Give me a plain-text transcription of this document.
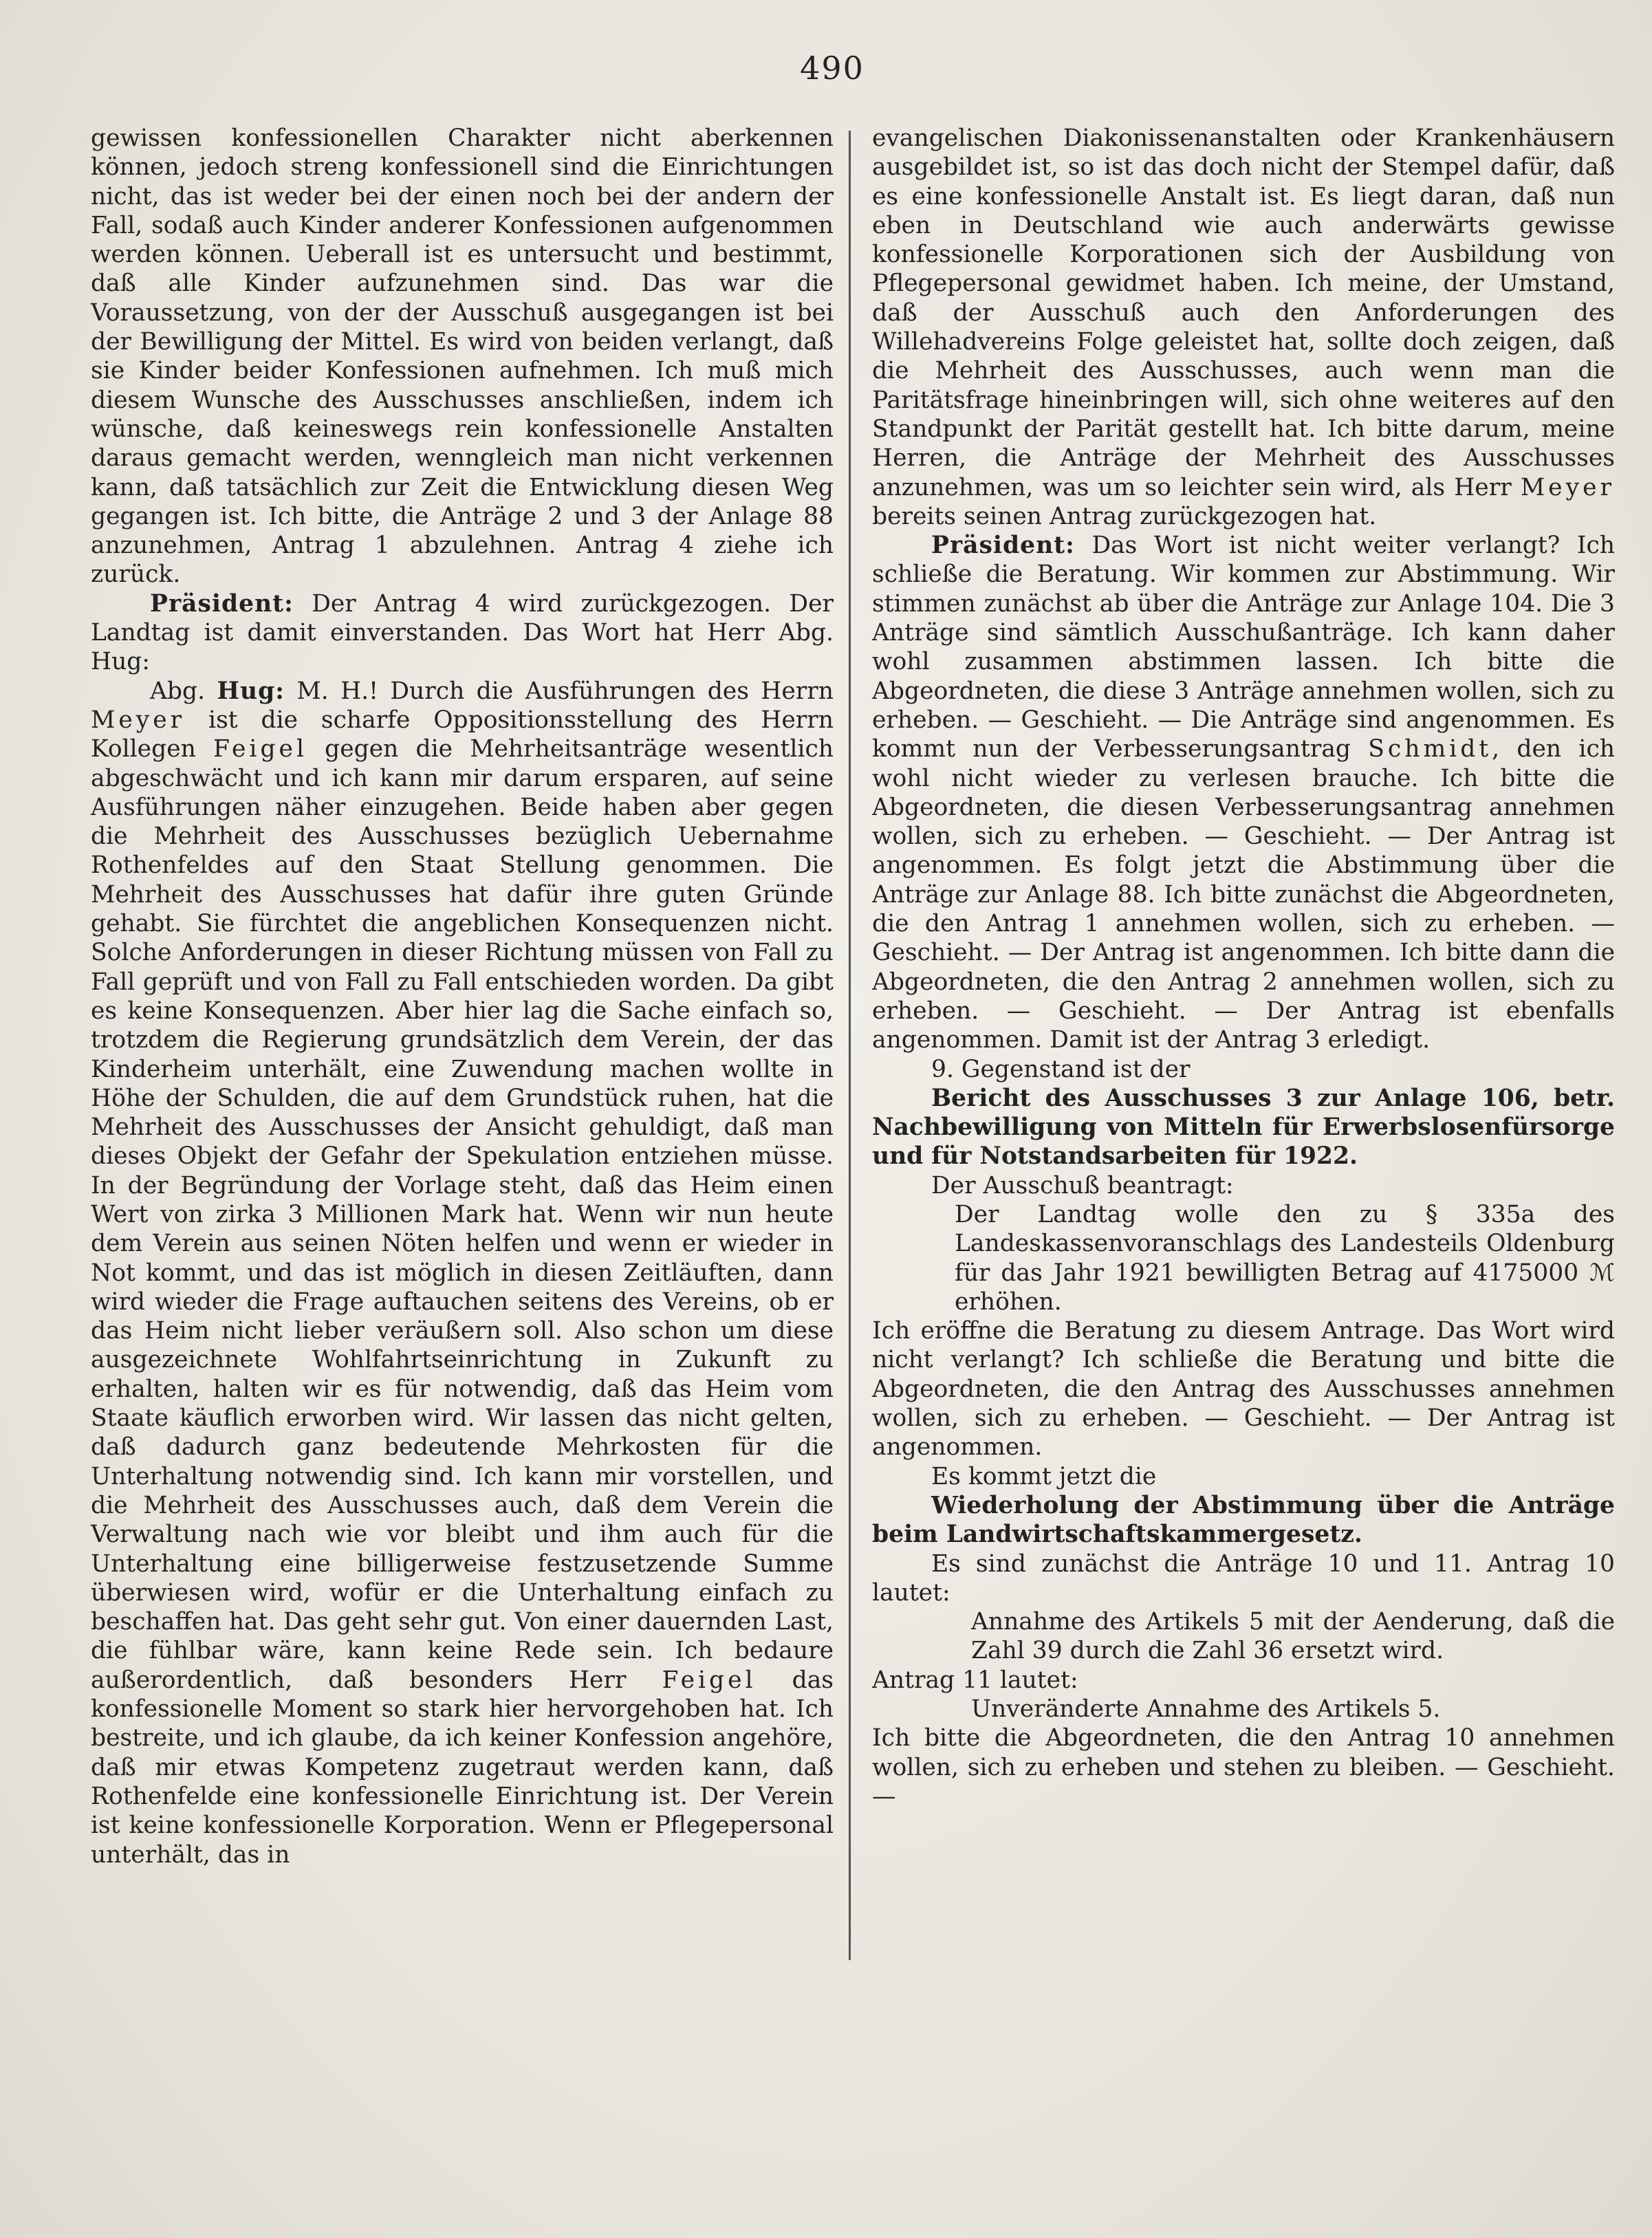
490

gewissen konfessionellen Charakter nicht aberkennen können, jedoch streng konfessionell sind die Einrichtungen nicht, das ist weder bei der einen noch bei der andern der Fall, sodaß auch Kinder anderer Konfessionen aufgenommen werden können. Ueberall ist es untersucht und bestimmt, daß alle Kinder aufzunehmen sind. Das war die Voraussetzung, von der der Ausschuß ausgegangen ist bei der Bewilligung der Mittel. Es wird von beiden verlangt, daß sie Kinder beider Konfessionen aufnehmen. Ich muß mich diesem Wunsche des Ausschusses anschließen, indem ich wünsche, daß keineswegs rein konfessionelle Anstalten daraus gemacht werden, wenngleich man nicht verkennen kann, daß tatsächlich zur Zeit die Entwicklung diesen Weg gegangen ist. Ich bitte, die Anträge 2 und 3 der Anlage 88 anzunehmen, Antrag 1 abzulehnen. Antrag 4 ziehe ich zurück.

Präsident: Der Antrag 4 wird zurückgezogen. Der Landtag ist damit einverstanden. Das Wort hat Herr Abg. Hug:

Abg. Hug: M. H.! Durch die Ausführungen des Herrn Meyer ist die scharfe Oppositionsstellung des Herrn Kollegen Feigel gegen die Mehrheitsanträge wesentlich abgeschwächt und ich kann mir darum ersparen, auf seine Ausführungen näher einzugehen. Beide haben aber gegen die Mehrheit des Ausschusses bezüglich Uebernahme Rothenfeldes auf den Staat Stellung genommen. Die Mehrheit des Ausschusses hat dafür ihre guten Gründe gehabt. Sie fürchtet die angeblichen Konsequenzen nicht. Solche Anforderungen in dieser Richtung müssen von Fall zu Fall geprüft und von Fall zu Fall entschieden worden. Da gibt es keine Konsequenzen. Aber hier lag die Sache einfach so, trotzdem die Regierung grundsätzlich dem Verein, der das Kinderheim unterhält, eine Zuwendung machen wollte in Höhe der Schulden, die auf dem Grundstück ruhen, hat die Mehrheit des Ausschusses der Ansicht gehuldigt, daß man dieses Objekt der Gefahr der Spekulation entziehen müsse. In der Begründung der Vorlage steht, daß das Heim einen Wert von zirka 3 Millionen Mark hat. Wenn wir nun heute dem Verein aus seinen Nöten helfen und wenn er wieder in Not kommt, und das ist möglich in diesen Zeitläuften, dann wird wieder die Frage auftauchen seitens des Vereins, ob er das Heim nicht lieber veräußern soll. Also schon um diese ausgezeichnete Wohlfahrtseinrichtung in Zukunft zu erhalten, halten wir es für notwendig, daß das Heim vom Staate käuflich erworben wird. Wir lassen das nicht gelten, daß dadurch ganz bedeutende Mehrkosten für die Unterhaltung notwendig sind. Ich kann mir vorstellen, und die Mehrheit des Ausschusses auch, daß dem Verein die Verwaltung nach wie vor bleibt und ihm auch für die Unterhaltung eine billigerweise festzusetzende Summe überwiesen wird, wofür er die Unterhaltung einfach zu beschaffen hat. Das geht sehr gut. Von einer dauernden Last, die fühlbar wäre, kann keine Rede sein. Ich bedaure außerordentlich, daß besonders Herr Feigel das konfessionelle Moment so stark hier hervorgehoben hat. Ich bestreite, und ich glaube, da ich keiner Konfession angehöre, daß mir etwas Kompetenz zugetraut werden kann, daß Rothenfelde eine konfessionelle Einrichtung ist. Der Verein ist keine konfessionelle Korporation. Wenn er Pflegepersonal unterhält, das in

evangelischen Diakonissenanstalten oder Krankenhäusern ausgebildet ist, so ist das doch nicht der Stempel dafür, daß es eine konfessionelle Anstalt ist. Es liegt daran, daß nun eben in Deutschland wie auch anderwärts gewisse konfessionelle Korporationen sich der Ausbildung von Pflegepersonal gewidmet haben. Ich meine, der Umstand, daß der Ausschuß auch den Anforderungen des Willehadvereins Folge geleistet hat, sollte doch zeigen, daß die Mehrheit des Ausschusses, auch wenn man die Paritätsfrage hineinbringen will, sich ohne weiteres auf den Standpunkt der Parität gestellt hat. Ich bitte darum, meine Herren, die Anträge der Mehrheit des Ausschusses anzunehmen, was um so leichter sein wird, als Herr Meyer bereits seinen Antrag zurückgezogen hat.

Präsident: Das Wort ist nicht weiter verlangt? Ich schließe die Beratung. Wir kommen zur Abstimmung. Wir stimmen zunächst ab über die Anträge zur Anlage 104. Die 3 Anträge sind sämtlich Ausschußanträge. Ich kann daher wohl zusammen abstimmen lassen. Ich bitte die Abgeordneten, die diese 3 Anträge annehmen wollen, sich zu erheben. — Geschieht. — Die Anträge sind angenommen. Es kommt nun der Verbesserungsantrag Schmidt, den ich wohl nicht wieder zu verlesen brauche. Ich bitte die Abgeordneten, die diesen Verbesserungsantrag annehmen wollen, sich zu erheben. — Geschieht. — Der Antrag ist angenommen. Es folgt jetzt die Abstimmung über die Anträge zur Anlage 88. Ich bitte zunächst die Abgeordneten, die den Antrag 1 annehmen wollen, sich zu erheben. — Geschieht. — Der Antrag ist angenommen. Ich bitte dann die Abgeordneten, die den Antrag 2 annehmen wollen, sich zu erheben. — Geschieht. — Der Antrag ist ebenfalls angenommen. Damit ist der Antrag 3 erledigt.

9. Gegenstand ist der

Bericht des Ausschusses 3 zur Anlage 106, betr. Nachbewilligung von Mitteln für Erwerbslosenfürsorge und für Notstandsarbeiten für 1922.

Der Ausschuß beantragt:

Der Landtag wolle den zu § 335a des Landeskassenvoranschlags des Landesteils Oldenburg für das Jahr 1921 bewilligten Betrag auf 4175000 ℳ erhöhen.

Ich eröffne die Beratung zu diesem Antrage. Das Wort wird nicht verlangt? Ich schließe die Beratung und bitte die Abgeordneten, die den Antrag des Ausschusses annehmen wollen, sich zu erheben. — Geschieht. — Der Antrag ist angenommen.

Es kommt jetzt die

Wiederholung der Abstimmung über die Anträge beim Landwirtschaftskammergesetz.

Es sind zunächst die Anträge 10 und 11. Antrag 10 lautet:

Annahme des Artikels 5 mit der Aenderung, daß die Zahl 39 durch die Zahl 36 ersetzt wird.

Antrag 11 lautet:

Unveränderte Annahme des Artikels 5.

Ich bitte die Abgeordneten, die den Antrag 10 annehmen wollen, sich zu erheben und stehen zu bleiben. — Geschieht. —
